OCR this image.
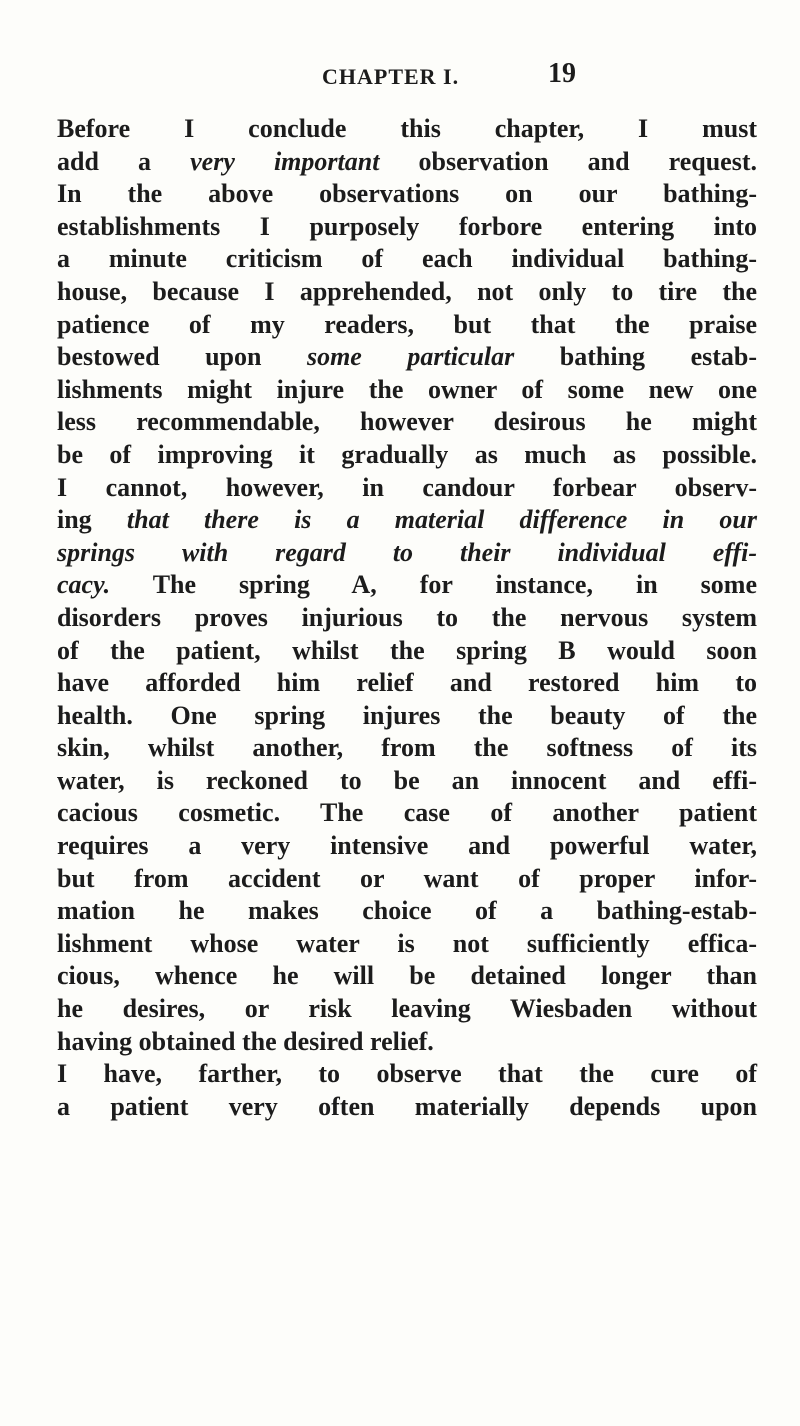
CHAPTER I.	19
Before I conclude this chapter, I must
add a very important observation and request.
In the above observations on our bathing-
establishments I purposely forbore entering into
a minute criticism of each individual bathing-
house, because I apprehended, not only to tire the
patience of my readers, but that the praise
bestowed upon some particular bathing estab-
lishments might injure the owner of some new one
less recommendable, however desirous he might
be of improving it gradually as much as possible.
I cannot, however, in candour forbear observ-
ing that there is a material difference in our
springs with regard to their individual effi-
cacy. The spring A, for instance, in some
disorders proves injurious to the nervous system
of the patient, whilst the spring B would soon
have afforded him relief and restored him to
health. One spring injures the beauty of the
skin, whilst another, from the softness of its
water, is reckoned to be an innocent and effi-
cacious cosmetic. The case of another patient
requires a very intensive and powerful water,
but from accident or want of proper infor-
mation he makes choice of a bathing-estab-
lishment whose water is not sufficiently effica-
cious, whence he will be detained longer than
he desires, or risk leaving Wiesbaden without
having obtained the desired relief.
I have, farther, to observe that the cure of
a patient very often materially depends upon
